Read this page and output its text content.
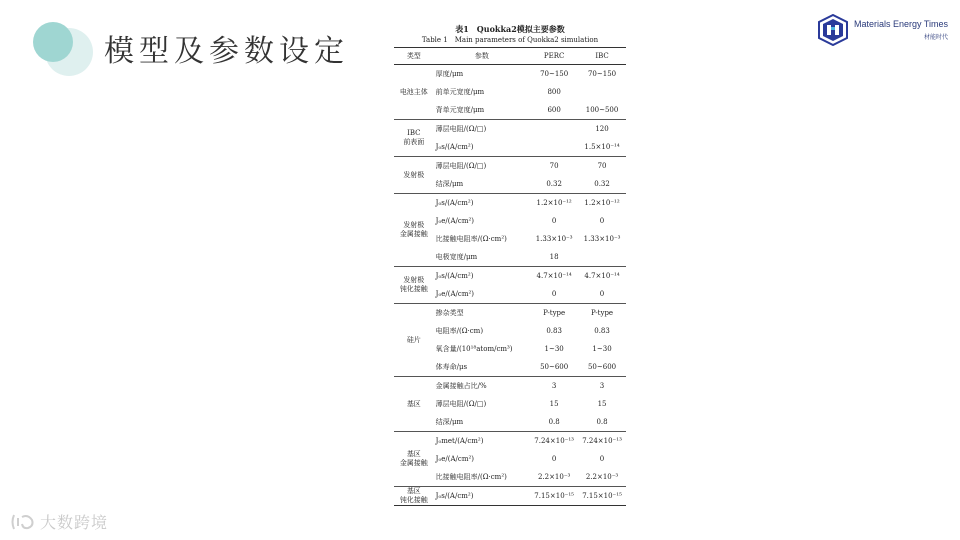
模型及参数设定
Materials Energy Times
材能时代
表1　Quokka2模拟主要参数
Table 1　Main parameters of Quokka2 simulation
类型	参数	PERC	IBC

电池主体	厚度/μm	70~150	70~150
	前单元宽度/μm	800	
	背单元宽度/μm	600	100~500

IBC
前表面	薄层电阻/(Ω/□)		120
	J₀s/(A/cm²)		1.5×10⁻¹⁴

发射极	薄层电阻/(Ω/□)	70	70
	结深/μm	0.32	0.32

发射极
金属接触	J₀s/(A/cm²)	1.2×10⁻¹²	1.2×10⁻¹²
	J₀e/(A/cm²)	0	0
	比接触电阻率/(Ω·cm²)	1.33×10⁻³	1.33×10⁻³
	电极宽度/μm	18	

发射极
钝化接触	J₀s/(A/cm²)	4.7×10⁻¹⁴	4.7×10⁻¹⁴
	J₀e/(A/cm²)	0	0

硅片	掺杂类型	P-type	P-type
	电阻率/(Ω·cm)	0.83	0.83
	氧含量/(10¹⁸atom/cm³)	1~30	1~30
	体寿命/μs	50~600	50~600

基区	金属接触占比/%	3	3
	薄层电阻/(Ω/□)	15	15
	结深/μm	0.8	0.8

基区
金属接触	J₀met/(A/cm²)	7.24×10⁻¹³	7.24×10⁻¹³
	J₀e/(A/cm²)	0	0
	比接触电阻率/(Ω·cm²)	2.2×10⁻³	2.2×10⁻³

基区
钝化接触	J₀s/(A/cm²)	7.15×10⁻¹⁵	7.15×10⁻¹⁵
大数跨境
